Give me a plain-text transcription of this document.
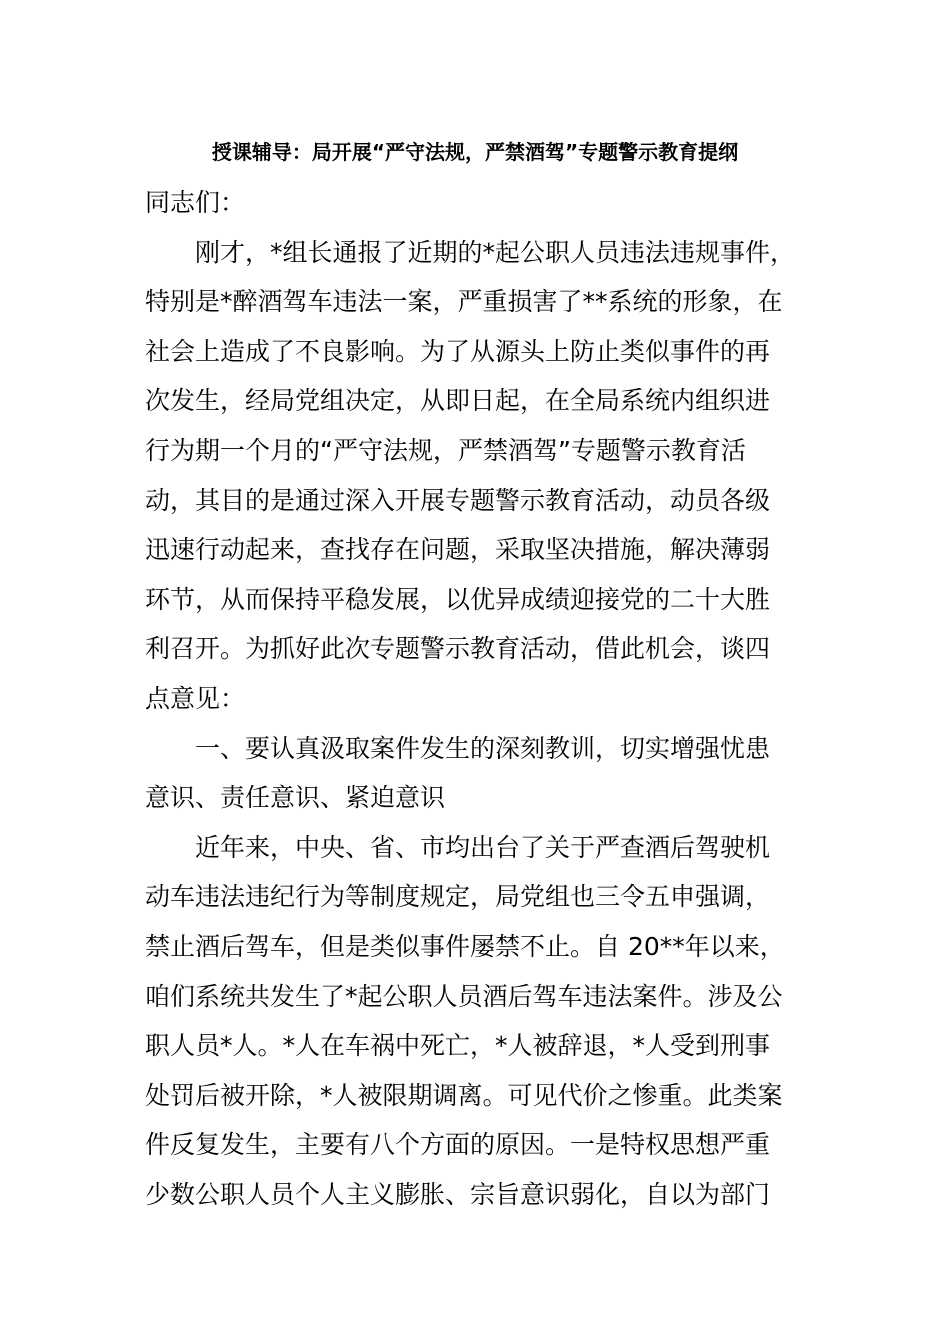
授课辅导：局开展“严守法规，严禁酒驾”专题警示教育提纲
同志们：
刚才，*组长通报了近期的*起公职人员违法违规事件，
特别是*醉酒驾车违法一案，严重损害了**系统的形象，在
社会上造成了不良影响。为了从源头上防止类似事件的再
次发生，经局党组决定，从即日起，在全局系统内组织进
行为期一个月的“严守法规，严禁酒驾”专题警示教育活
动，其目的是通过深入开展专题警示教育活动，动员各级
迅速行动起来，查找存在问题，采取坚决措施，解决薄弱
环节，从而保持平稳发展，以优异成绩迎接党的二十大胜
利召开。为抓好此次专题警示教育活动，借此机会，谈四
点意见：
一、要认真汲取案件发生的深刻教训，切实增强忧患
意识、责任意识、紧迫意识
近年来，中央、省、市均出台了关于严查酒后驾驶机
动车违法违纪行为等制度规定，局党组也三令五申强调，
禁止酒后驾车，但是类似事件屡禁不止。自 20**年以来，
咱们系统共发生了*起公职人员酒后驾车违法案件。涉及公
职人员*人。*人在车祸中死亡，*人被辞退，*人受到刑事
处罚后被开除，*人被限期调离。可见代价之惨重。此类案
件反复发生，主要有八个方面的原因。一是特权思想严重
少数公职人员个人主义膨胀、宗旨意识弱化，自以为部门
